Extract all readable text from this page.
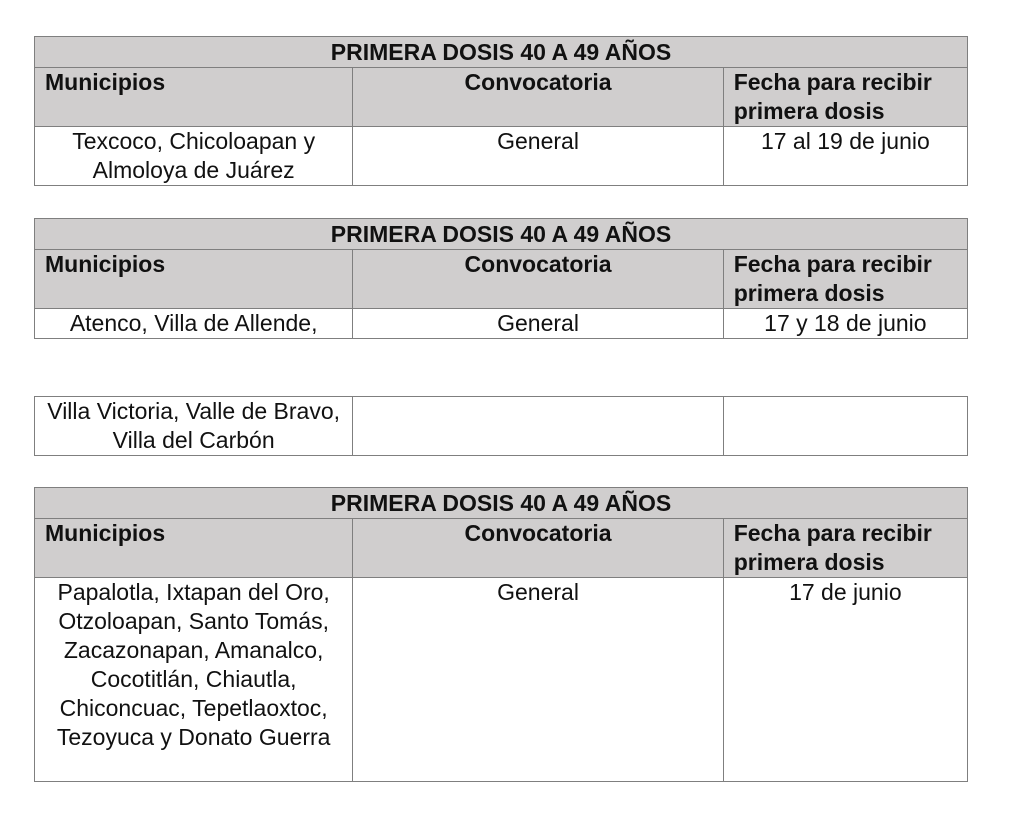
PRIMERA DOSIS 40 A 49 AÑOS		
Municipios	Convocatoria	Fecha para recibir primera dosis
Texcoco, Chicoloapan y Almoloya de Juárez	General	17 al 19 de junio
PRIMERA DOSIS 40 A 49 AÑOS		
Municipios	Convocatoria	Fecha para recibir primera dosis
Atenco, Villa de Allende,	General	17 y 18 de junio
Villa Victoria, Valle de Bravo, Villa del Carbón		
PRIMERA DOSIS 40 A 49 AÑOS		
Municipios	Convocatoria	Fecha para recibir primera dosis
Papalotla, Ixtapan del Oro, Otzoloapan, Santo Tomás, Zacazonapan, Amanalco, Cocotitlán, Chiautla, Chiconcuac, Tepetlaoxtoc, Tezoyuca y Donato Guerra	General	17 de junio
